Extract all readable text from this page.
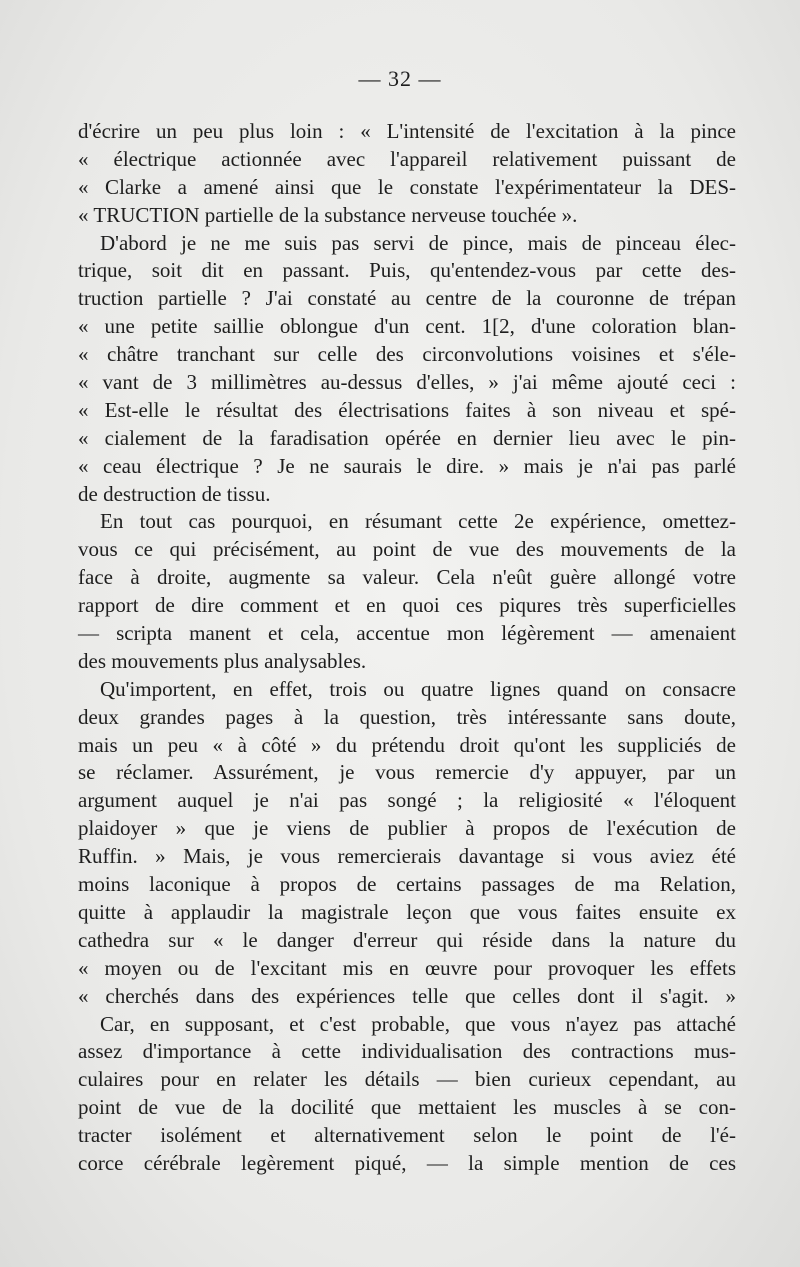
— 32 —
d'écrire un peu plus loin : « L'intensité de l'excitation à la pince
« électrique actionnée avec l'appareil relativement puissant de
« Clarke a amené ainsi que le constate l'expérimentateur la DES-
« TRUCTION partielle de la substance nerveuse touchée ».
D'abord je ne me suis pas servi de pince, mais de pinceau élec-
trique, soit dit en passant. Puis, qu'entendez-vous par cette des-
truction partielle ? J'ai constaté au centre de la couronne de trépan
« une petite saillie oblongue d'un cent. 1[2, d'une coloration blan-
« châtre tranchant sur celle des circonvolutions voisines et s'éle-
« vant de 3 millimètres au-dessus d'elles, » j'ai même ajouté ceci :
« Est-elle le résultat des électrisations faites à son niveau et spé-
« cialement de la faradisation opérée en dernier lieu avec le pin-
« ceau électrique ? Je ne saurais le dire. » mais je n'ai pas parlé
de destruction de tissu.
En tout cas pourquoi, en résumant cette 2e expérience, omettez-
vous ce qui précisément, au point de vue des mouvements de la
face à droite, augmente sa valeur. Cela n'eût guère allongé votre
rapport de dire comment et en quoi ces piqures très superficielles
— scripta manent et cela, accentue mon légèrement — amenaient
des mouvements plus analysables.
Qu'importent, en effet, trois ou quatre lignes quand on consacre
deux grandes pages à la question, très intéressante sans doute,
mais un peu « à côté » du prétendu droit qu'ont les suppliciés de
se réclamer. Assurément, je vous remercie d'y appuyer, par un
argument auquel je n'ai pas songé ; la religiosité « l'éloquent
plaidoyer » que je viens de publier à propos de l'exécution de
Ruffin. » Mais, je vous remercierais davantage si vous aviez été
moins laconique à propos de certains passages de ma Relation,
quitte à applaudir la magistrale leçon que vous faites ensuite ex
cathedra sur « le danger d'erreur qui réside dans la nature du
« moyen ou de l'excitant mis en œuvre pour provoquer les effets
« cherchés dans des expériences telle que celles dont il s'agit. »
Car, en supposant, et c'est probable, que vous n'ayez pas attaché
assez d'importance à cette individualisation des contractions mus-
culaires pour en relater les détails — bien curieux cependant, au
point de vue de la docilité que mettaient les muscles à se con-
tracter isolément et alternativement selon le point de l'é-
corce cérébrale legèrement piqué, — la simple mention de ces
